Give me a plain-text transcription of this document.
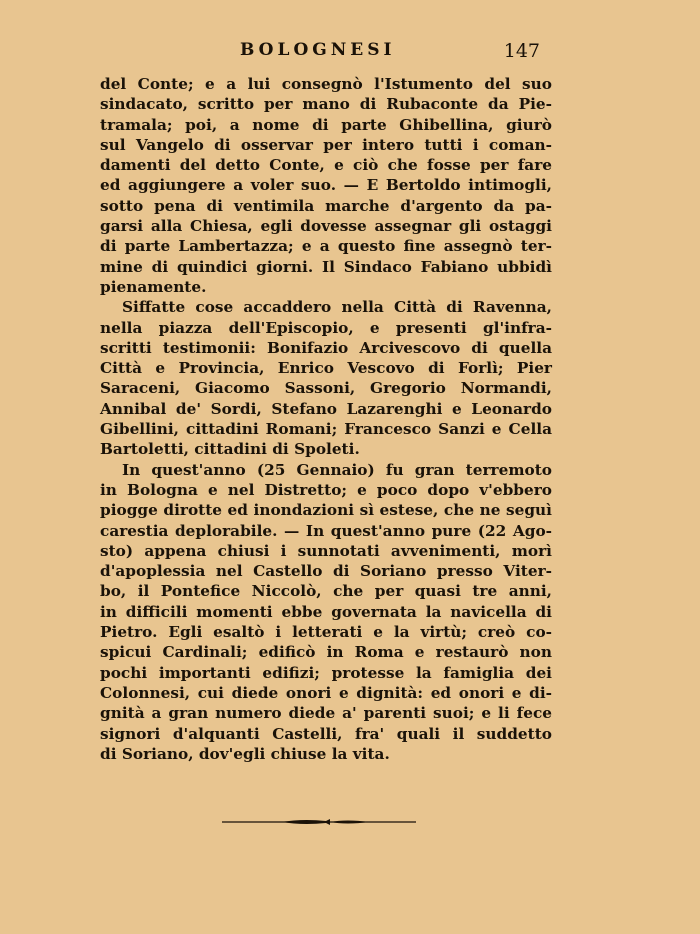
BOLOGNESI	147
del Conte; e a lui consegnò l'Istumento del suo
sindacato, scritto per mano di Rubaconte da Pie-
tramala; poi, a nome di parte Ghibellina, giurò
sul Vangelo di osservar per intero tutti i coman-
damenti del detto Conte, e ciò che fosse per fare
ed aggiungere a voler suo. — E Bertoldo intimogli,
sotto pena di ventimila marche d'argento da pa-
garsi alla Chiesa, egli dovesse assegnar gli ostaggi
di parte Lambertazza; e a questo fine assegnò ter-
mine di quindici giorni. Il Sindaco Fabiano ubbidì
pienamente.
Siffatte cose accaddero nella Città di Ravenna,
nella piazza dell'Episcopio, e presenti gl'infra-
scritti testimonii: Bonifazio Arcivescovo di quella
Città e Provincia, Enrico Vescovo di Forlì; Pier
Saraceni, Giacomo Sassoni, Gregorio Normandi,
Annibal de' Sordi, Stefano Lazarenghi e Leonardo
Gibellini, cittadini Romani; Francesco Sanzi e Cella
Bartoletti, cittadini di Spoleti.
In quest'anno (25 Gennaio) fu gran terremoto
in Bologna e nel Distretto; e poco dopo v'ebbero
piogge dirotte ed inondazioni sì estese, che ne seguì
carestia deplorabile. — In quest'anno pure (22 Ago-
sto) appena chiusi i sunnotati avvenimenti, morì
d'apoplessia nel Castello di Soriano presso Viter-
bo, il Pontefice Niccolò, che per quasi tre anni,
in difficili momenti ebbe governata la navicella di
Pietro. Egli esaltò i letterati e la virtù; creò co-
spicui Cardinali; edificò in Roma e restaurò non
pochi importanti edifizi; protesse la famiglia dei
Colonnesi, cui diede onori e dignità: ed onori e di-
gnità a gran numero diede a' parenti suoi; e li fece
signori d'alquanti Castelli, fra' quali il suddetto
di Soriano, dov'egli chiuse la vita.
